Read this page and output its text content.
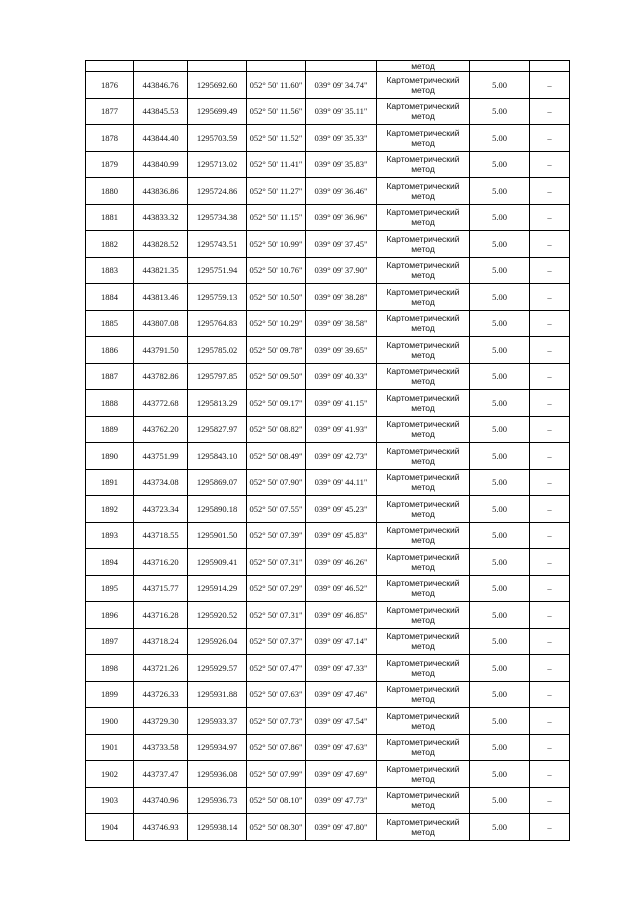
					метод		
1876	443846.76	1295692.60	052° 50' 11.60"	039° 09' 34.74"	Картометрический
метод	5.00	–
1877	443845.53	1295699.49	052° 50' 11.56"	039° 09' 35.11"	Картометрический
метод	5.00	–
1878	443844.40	1295703.59	052° 50' 11.52"	039° 09' 35.33"	Картометрический
метод	5.00	–
1879	443840.99	1295713.02	052° 50' 11.41"	039° 09' 35.83"	Картометрический
метод	5.00	–
1880	443836.86	1295724.86	052° 50' 11.27"	039° 09' 36.46"	Картометрический
метод	5.00	–
1881	443833.32	1295734.38	052° 50' 11.15"	039° 09' 36.96"	Картометрический
метод	5.00	–
1882	443828.52	1295743.51	052° 50' 10.99"	039° 09' 37.45"	Картометрический
метод	5.00	–
1883	443821.35	1295751.94	052° 50' 10.76"	039° 09' 37.90"	Картометрический
метод	5.00	–
1884	443813.46	1295759.13	052° 50' 10.50"	039° 09' 38.28"	Картометрический
метод	5.00	–
1885	443807.08	1295764.83	052° 50' 10.29"	039° 09' 38.58"	Картометрический
метод	5.00	–
1886	443791.50	1295785.02	052° 50' 09.78"	039° 09' 39.65"	Картометрический
метод	5.00	–
1887	443782.86	1295797.85	052° 50' 09.50"	039° 09' 40.33"	Картометрический
метод	5.00	–
1888	443772.68	1295813.29	052° 50' 09.17"	039° 09' 41.15"	Картометрический
метод	5.00	–
1889	443762.20	1295827.97	052° 50' 08.82"	039° 09' 41.93"	Картометрический
метод	5.00	–
1890	443751.99	1295843.10	052° 50' 08.49"	039° 09' 42.73"	Картометрический
метод	5.00	–
1891	443734.08	1295869.07	052° 50' 07.90"	039° 09' 44.11"	Картометрический
метод	5.00	–
1892	443723.34	1295890.18	052° 50' 07.55"	039° 09' 45.23"	Картометрический
метод	5.00	–
1893	443718.55	1295901.50	052° 50' 07.39"	039° 09' 45.83"	Картометрический
метод	5.00	–
1894	443716.20	1295909.41	052° 50' 07.31"	039° 09' 46.26"	Картометрический
метод	5.00	–
1895	443715.77	1295914.29	052° 50' 07.29"	039° 09' 46.52"	Картометрический
метод	5.00	–
1896	443716.28	1295920.52	052° 50' 07.31"	039° 09' 46.85"	Картометрический
метод	5.00	–
1897	443718.24	1295926.04	052° 50' 07.37"	039° 09' 47.14"	Картометрический
метод	5.00	–
1898	443721.26	1295929.57	052° 50' 07.47"	039° 09' 47.33"	Картометрический
метод	5.00	–
1899	443726.33	1295931.88	052° 50' 07.63"	039° 09' 47.46"	Картометрический
метод	5.00	–
1900	443729.30	1295933.37	052° 50' 07.73"	039° 09' 47.54"	Картометрический
метод	5.00	–
1901	443733.58	1295934.97	052° 50' 07.86"	039° 09' 47.63"	Картометрический
метод	5.00	–
1902	443737.47	1295936.08	052° 50' 07.99"	039° 09' 47.69"	Картометрический
метод	5.00	–
1903	443740.96	1295936.73	052° 50' 08.10"	039° 09' 47.73"	Картометрический
метод	5.00	–
1904	443746.93	1295938.14	052° 50' 08.30"	039° 09' 47.80"	Картометрический
метод	5.00	–
